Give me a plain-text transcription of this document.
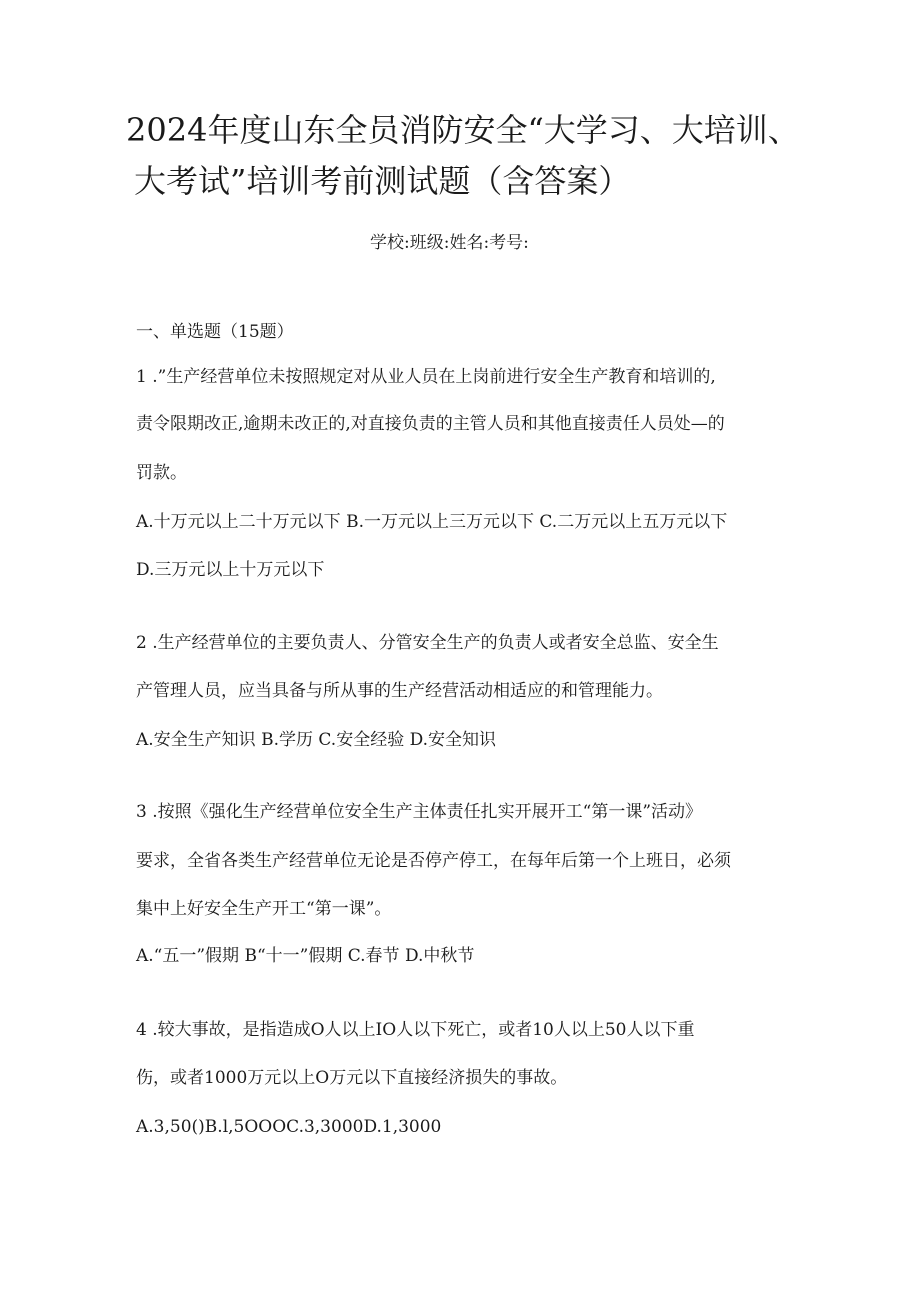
2024年度山东全员消防安全“大学习、大培训、
大考试”培训考前测试题（含答案）
学校:班级:姓名:考号:
一、单选题（15题）
1 .”生产经营单位未按照规定对从业人员在上岗前进行安全生产教育和培训的,
责令限期改正,逾期未改正的,对直接负责的主管人员和其他直接责任人员处—的
罚款。
A.十万元以上二十万元以下 B.一万元以上三万元以下 C.二万元以上五万元以下
D.三万元以上十万元以下
2 .生产经营单位的主要负责人、分管安全生产的负责人或者安全总监、安全生
产管理人员，应当具备与所从事的生产经营活动相适应的和管理能力。
A.安全生产知识 B.学历 C.安全经验 D.安全知识
3 .按照《强化生产经营单位安全生产主体责任扎实开展开工“第一课”活动》
要求，全省各类生产经营单位无论是否停产停工，在每年后第一个上班日，必须
集中上好安全生产开工“第一课”。
A.“五一”假期 B“十一”假期 C.春节 D.中秋节
4 .较大事故，是指造成O人以上IO人以下死亡，或者10人以上50人以下重
伤，或者1000万元以上O万元以下直接经济损失的事故。
A.3,50()B.l,5OOOC.3,3000D.1,3000
